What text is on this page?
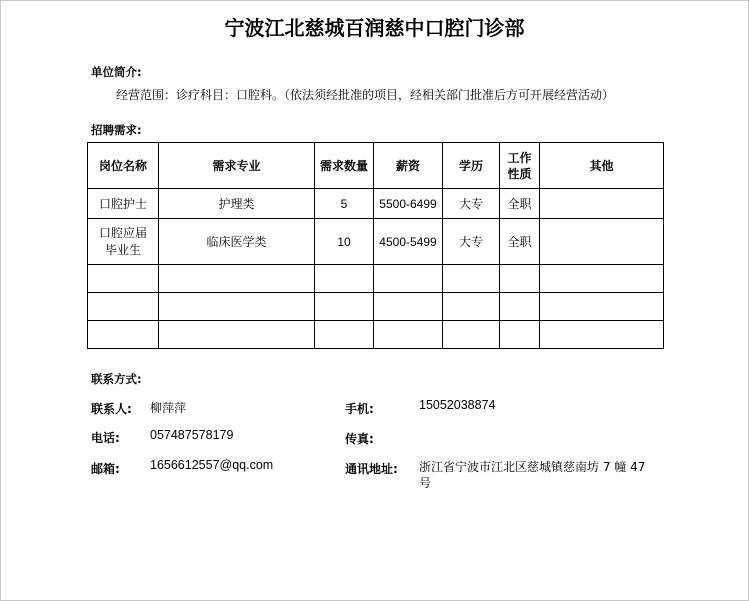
宁波江北慈城百润慈中口腔门诊部
单位简介:
经营范围：诊疗科目：口腔科。（依法须经批准的项目，经相关部门批准后方可开展经营活动）
招聘需求:
岗位名称	需求专业	需求数量	薪资	学历	工作性质	其他
口腔护士	护理类	5	5500-6499	大专	全职	
口腔应届毕业生	临床医学类	10	4500-5499	大专	全职	

联系方式:
联系人: 柳萍萍	手机:	15052038874
电话: 057487578179	传真:
邮箱: 1656612557@qq.com	通讯地址: 浙江省宁波市江北区慈城镇慈南坊 7 幢 47 号
